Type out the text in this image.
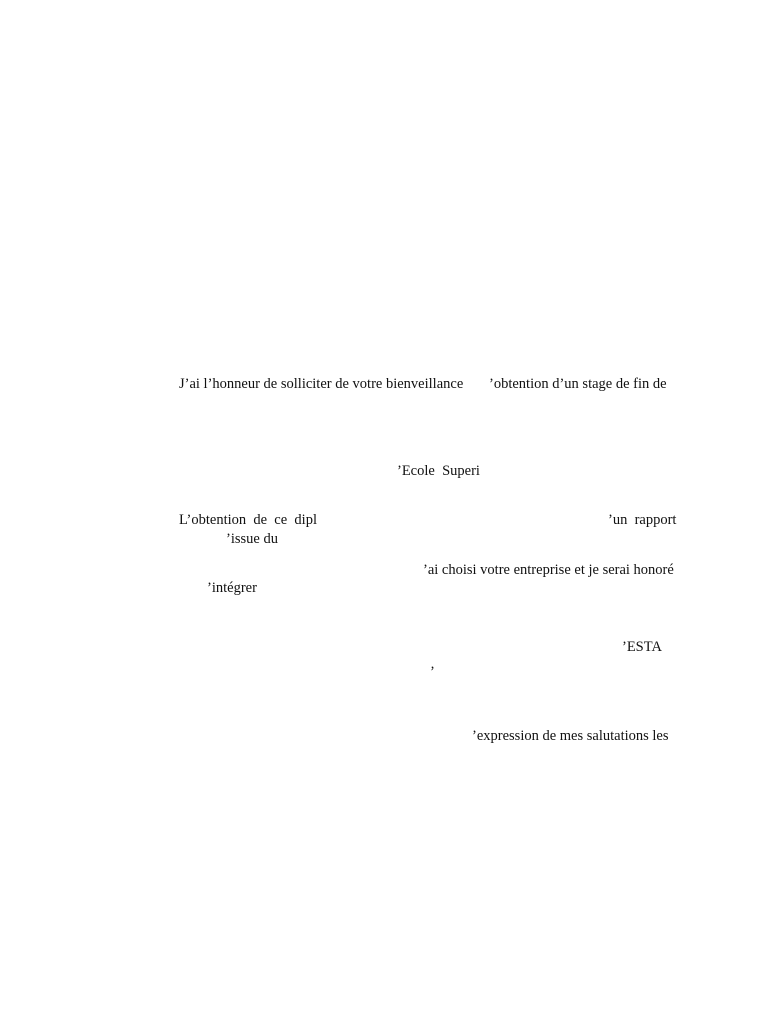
J’ai l’honneur de solliciter de votre bienveillance ’obtention d’un stage de fin de
’Ecole  Superi
L’obtention  de  ce  dipl	’un  rapport
’issue du
’ai choisi votre entreprise et je serai honoré
’intégrer
’ESTA
’
’expression de mes salutations les
